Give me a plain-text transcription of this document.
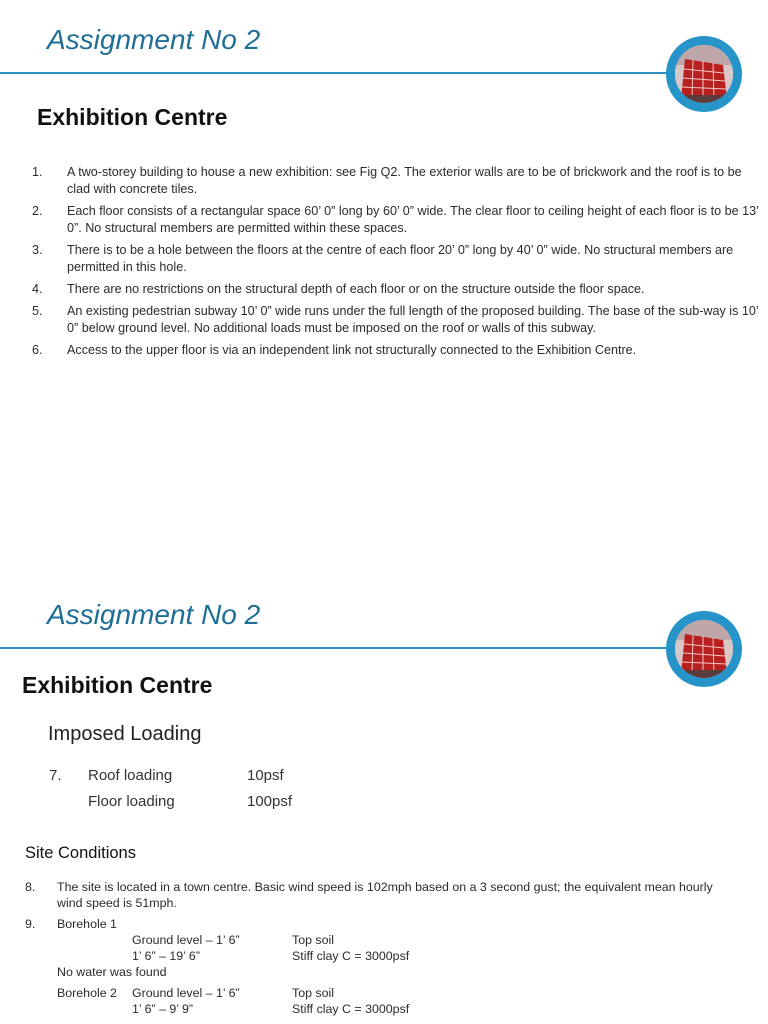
Assignment No 2
Exhibition Centre
1. A two-storey building to house a new exhibition: see Fig Q2. The exterior walls are to be of brickwork and the roof is to be clad with concrete tiles.
2. Each floor consists of a rectangular space 60’ 0” long by 60’ 0” wide. The clear floor to ceiling height of each floor is to be 13’ 0”. No structural members are permitted within these spaces.
3. There is to be a hole between the floors at the centre of each floor 20’ 0” long by 40’ 0” wide. No structural members are permitted in this hole.
4. There are no restrictions on the structural depth of each floor or on the structure outside the floor space.
5. An existing pedestrian subway 10’ 0” wide runs under the full length of the proposed building. The base of the sub-way is 10’ 0” below ground level. No additional loads must be imposed on the roof or walls of this subway.
6. Access to the upper floor is via an independent link not structurally connected to the Exhibition Centre.
Assignment No 2
Exhibition Centre
Imposed Loading
7. Roof loading	10psf
Floor loading	100psf
Site Conditions
8. The site is located in a town centre. Basic wind speed is 102mph based on a 3 second gust; the equivalent mean hourly wind speed is 51mph.
9. Borehole 1
Ground level – 1’ 6”	Top soil
1’ 6” – 19’ 6”	Stiff clay C = 3000psf
No water was found
Borehole 2 Ground level – 1’ 6”	Top soil
1’ 6” – 9’ 9”	Stiff clay C = 3000psf
